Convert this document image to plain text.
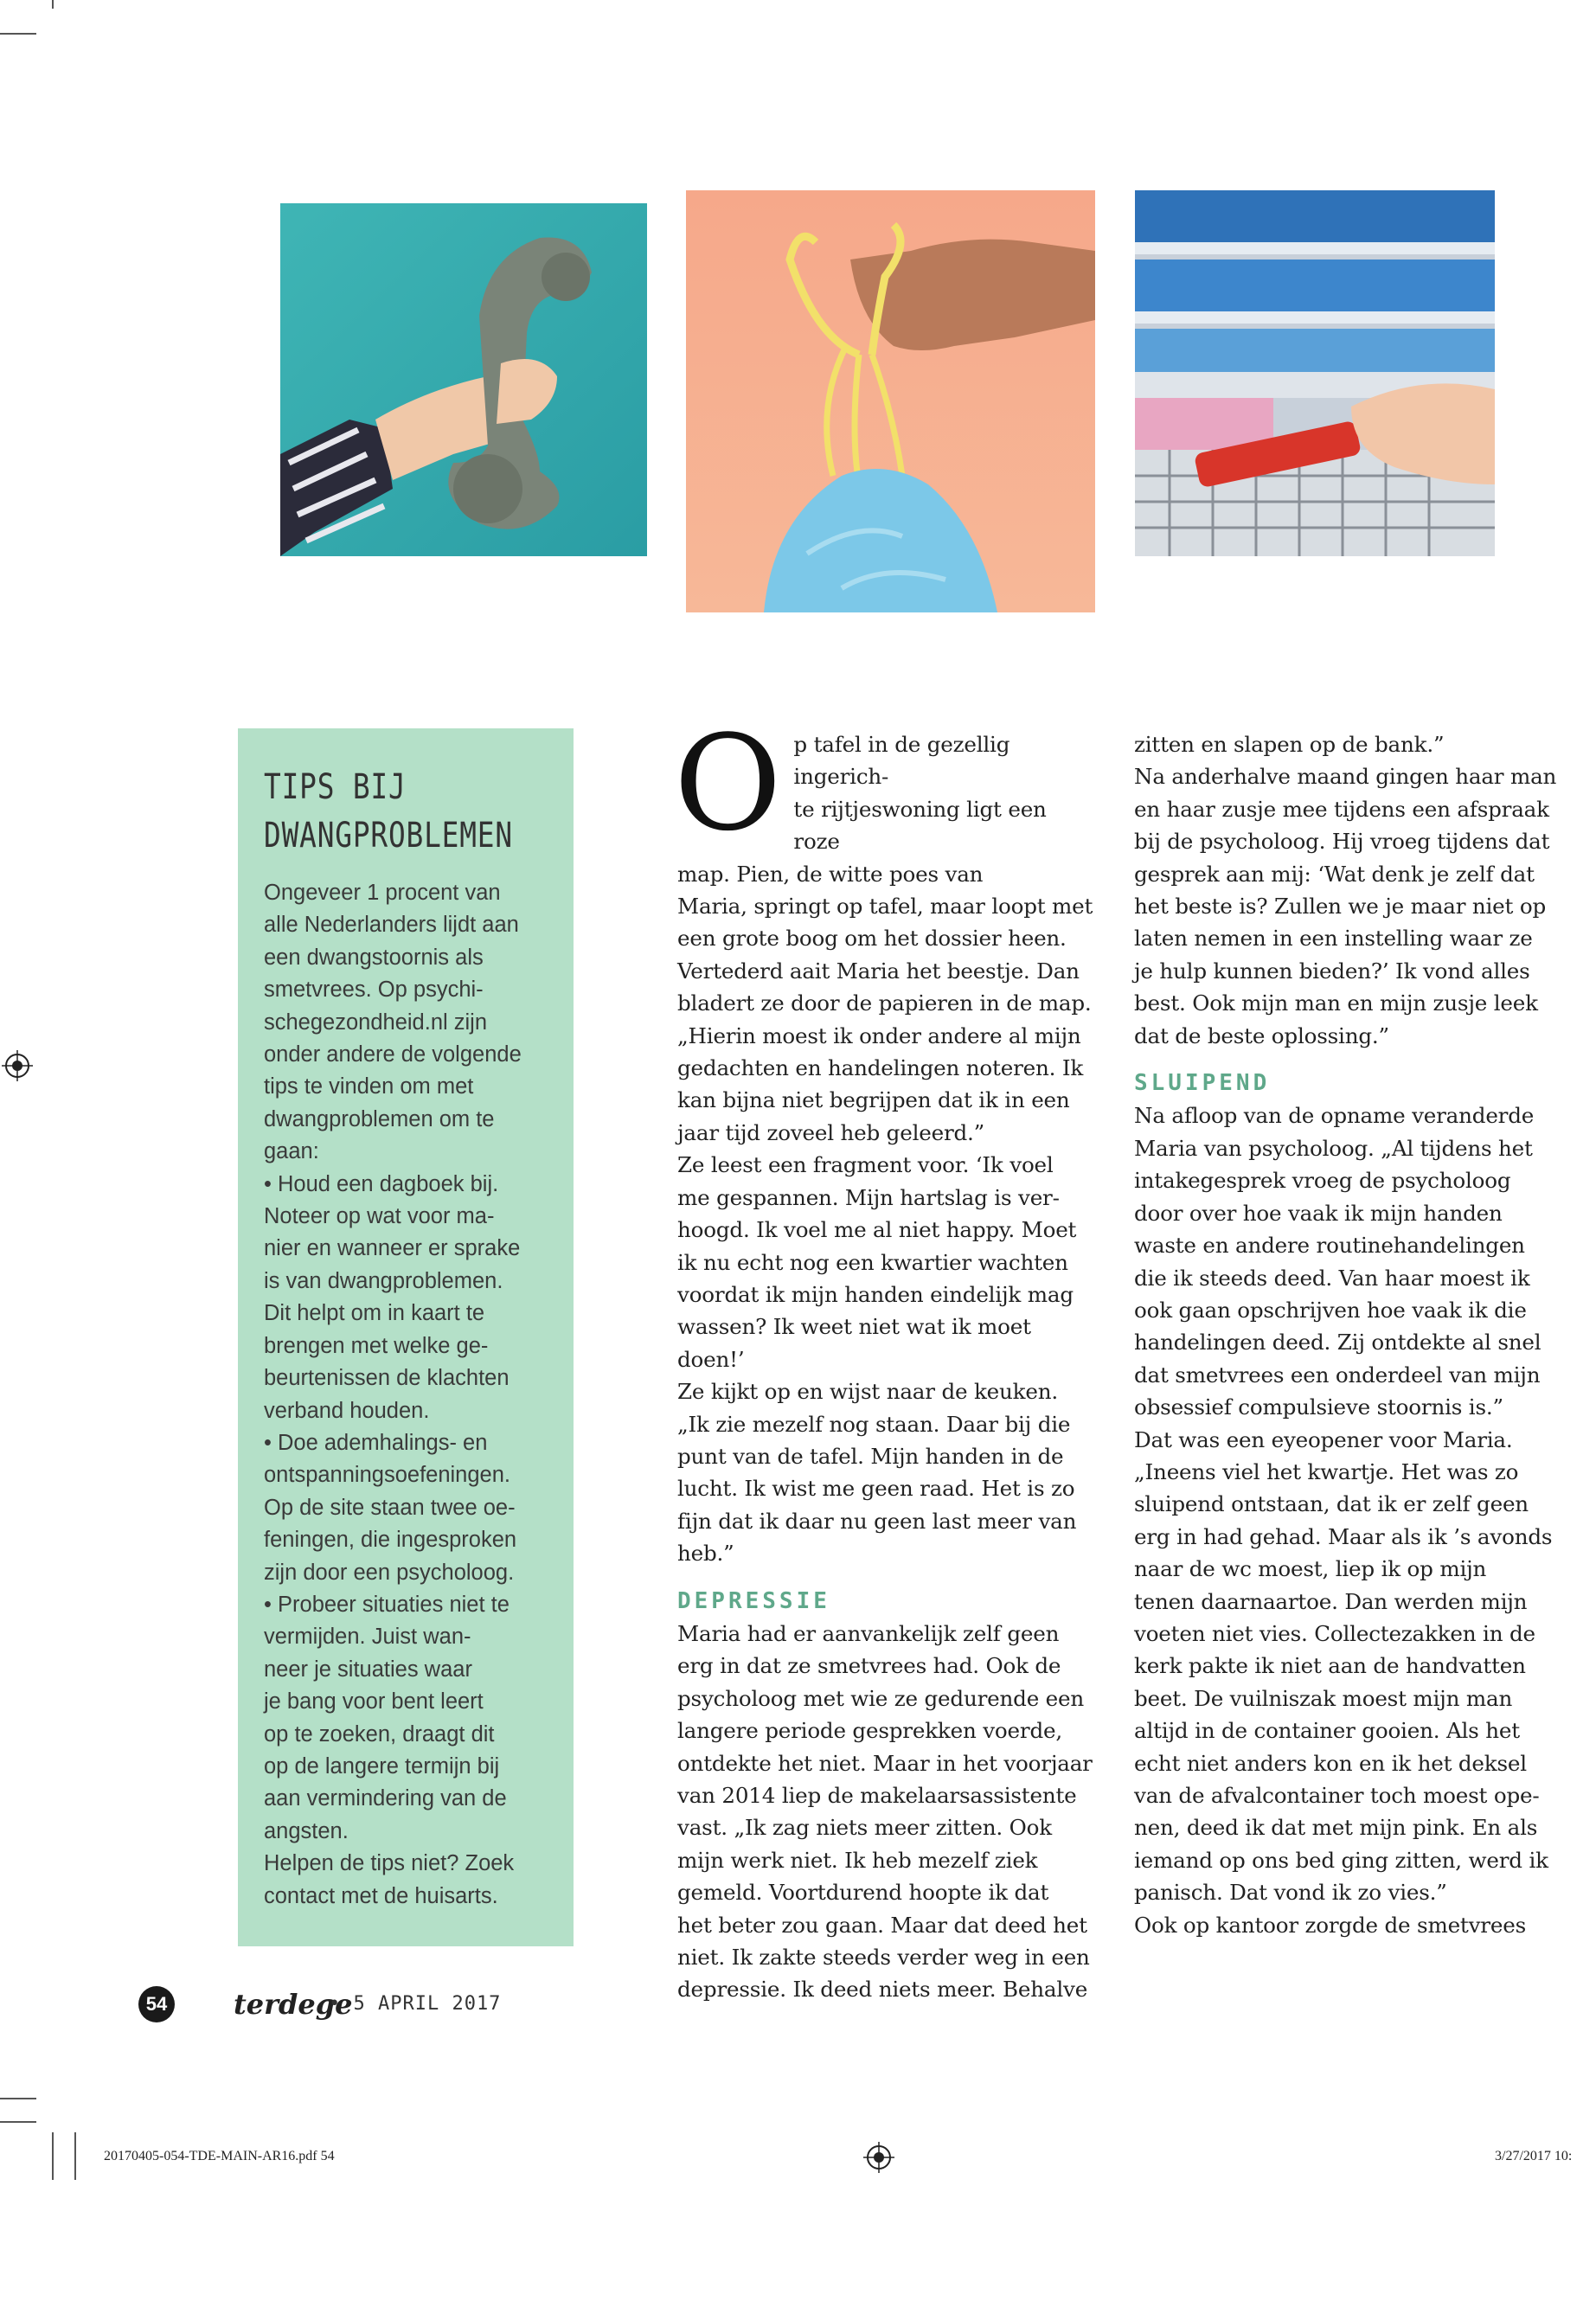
TIPS BIJ
DWANGPROBLEMEN
Ongeveer 1 procent van
alle Nederlanders lijdt aan
een dwangstoornis als
smetvrees. Op psychi-
schegezondheid.nl zijn
onder andere de volgende
tips te vinden om met
dwangproblemen om te
gaan:
• Houd een dagboek bij.
Noteer op wat voor ma-
nier en wanneer er sprake
is van dwangproblemen.
Dit helpt om in kaart te
brengen met welke ge-
beurtenissen de klachten
verband houden.
• Doe ademhalings- en
ontspanningsoefeningen.
Op de site staan twee oe-
feningen, die ingesproken
zijn door een psycholoog.
• Probeer situaties niet te
vermijden. Juist wan-
neer je situaties waar
je bang voor bent leert
op te zoeken, draagt dit
op de langere termijn bij
aan vermindering van de
angsten.
Helpen de tips niet? Zoek
contact met de huisarts.
O p tafel in de gezellig ingerich-
te rijtjeswoning ligt een roze
map. Pien, de witte poes van
Maria, springt op tafel, maar loopt met
een grote boog om het dossier heen.
Vertederd aait Maria het beestje. Dan
bladert ze door de papieren in de map.
„Hierin moest ik onder andere al mijn
gedachten en handelingen noteren. Ik
kan bijna niet begrijpen dat ik in een
jaar tijd zoveel heb geleerd.”
Ze leest een fragment voor. ‘Ik voel
me gespannen. Mijn hartslag is ver-
hoogd. Ik voel me al niet happy. Moet
ik nu echt nog een kwartier wachten
voordat ik mijn handen eindelijk mag
wassen? Ik weet niet wat ik moet
doen!’
Ze kijkt op en wijst naar de keuken.
„Ik zie mezelf nog staan. Daar bij die
punt van de tafel. Mijn handen in de
lucht. Ik wist me geen raad. Het is zo
fijn dat ik daar nu geen last meer van
heb.”

DEPRESSIE

Maria had er aanvankelijk zelf geen
erg in dat ze smetvrees had. Ook de
psycholoog met wie ze gedurende een
langere periode gesprekken voerde,
ontdekte het niet. Maar in het voorjaar
van 2014 liep de makelaarsassistente
vast. „Ik zag niets meer zitten. Ook
mijn werk niet. Ik heb mezelf ziek
gemeld. Voortdurend hoopte ik dat
het beter zou gaan. Maar dat deed het
niet. Ik zakte steeds verder weg in een
depressie. Ik deed niets meer. Behalve
zitten en slapen op de bank.”
Na anderhalve maand gingen haar man
en haar zusje mee tijdens een afspraak
bij de psycholoog. Hij vroeg tijdens dat
gesprek aan mij: ‘Wat denk je zelf dat
het beste is? Zullen we je maar niet op
laten nemen in een instelling waar ze
je hulp kunnen bieden?’ Ik vond alles
best. Ook mijn man en mijn zusje leek
dat de beste oplossing.”

SLUIPEND

Na afloop van de opname veranderde
Maria van psycholoog. „Al tijdens het
intakegesprek vroeg de psycholoog
door over hoe vaak ik mijn handen
waste en andere routinehandelingen
die ik steeds deed. Van haar moest ik
ook gaan opschrijven hoe vaak ik die
handelingen deed. Zij ontdekte al snel
dat smetvrees een onderdeel van mijn
obsessief compulsieve stoornis is.”
Dat was een eyeopener voor Maria.
„Ineens viel het kwartje. Het was zo
sluipend ontstaan, dat ik er zelf geen
erg in had gehad. Maar als ik ’s avonds
naar de wc moest, liep ik op mijn
tenen daarnaartoe. Dan werden mijn
voeten niet vies. Collectezakken in de
kerk pakte ik niet aan de handvatten
beet. De vuilniszak moest mijn man
altijd in de container gooien. Als het
echt niet anders kon en ik het deksel
van de afvalcontainer toch moest ope-
nen, deed ik dat met mijn pink. En als
iemand op ons bed ging zitten, werd ik
panisch. Dat vond ik zo vies.”
Ook op kantoor zorgde de smetvrees
54 terdege
• 5 APRIL 2017
20170405-054-TDE-MAIN-AR16.pdf 54	3/27/2017 10:
